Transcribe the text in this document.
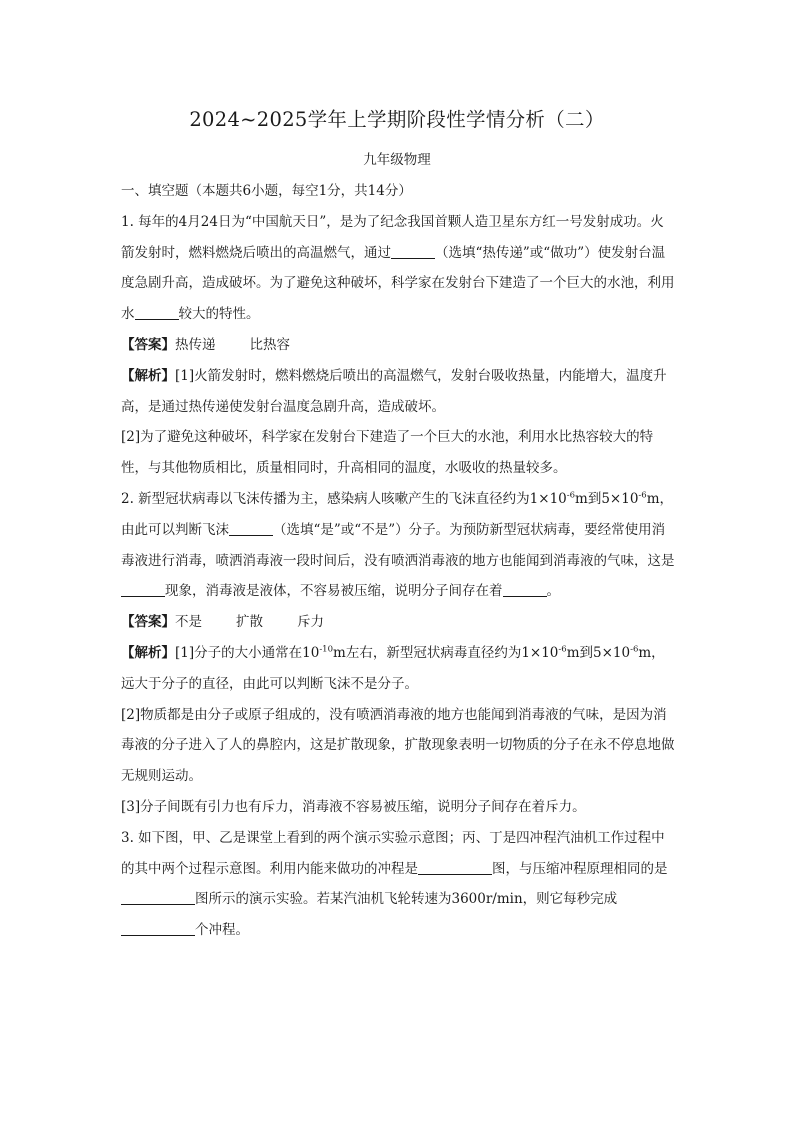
2024~2025学年上学期阶段性学情分析（二）
九年级物理

一、填空题（本题共6小题，每空1分，共14分）

1. 每年的4月24日为“中国航天日”，是为了纪念我国首颗人造卫星东方红一号发射成功。火箭发射时，燃料燃烧后喷出的高温燃气，通过	（选填“热传递”或“做功”）使发射台温度急剧升高，造成破坏。为了避免这种破坏，科学家在发射台下建造了一个巨大的水池，利用水	较大的特性。

【答案】热传递	比热容

【解析】[1]火箭发射时，燃料燃烧后喷出的高温燃气，发射台吸收热量，内能增大，温度升高，是通过热传递使发射台温度急剧升高，造成破坏。

[2]为了避免这种破坏，科学家在发射台下建造了一个巨大的水池，利用水比热容较大的特性，与其他物质相比，质量相同时，升高相同的温度，水吸收的热量较多。

2. 新型冠状病毒以飞沫传播为主，感染病人咳嗽产生的飞沫直径约为$1\times 10^{-6}m$到$5\times 10^{-6}m$，由此可以判断飞沫	（选填“是”或“不是”）分子。为预防新型冠状病毒，要经常使用消毒液进行消毒，喷洒消毒液一段时间后，没有喷洒消毒液的地方也能闻到消毒液的气味，这是现象，消毒液是液体，不容易被压缩，说明分子间存在着	。

【答案】不是	扩散	斥力

【解析】[1]分子的大小通常在$10^{-10}m$左右，新型冠状病毒直径约为$1\times 10^{-6}m$到$5\times 10^{-6}m$，远大于分子的直径，由此可以判断飞沫不是分子。

[2]物质都是由分子或原子组成的，没有喷洒消毒液的地方也能闻到消毒液的气味，是因为消毒液的分子进入了人的鼻腔内，这是扩散现象，扩散现象表明一切物质的分子在永不停息地做无规则运动。

[3]分子间既有引力也有斥力，消毒液不容易被压缩，说明分子间存在着斥力。

3. 如下图，甲、乙是课堂上看到的两个演示实验示意图；丙、丁是四冲程汽油机工作过程中的其中两个过程示意图。利用内能来做功的冲程是	图，与压缩冲程原理相同的是图所示的演示实验。若某汽油机飞轮转速为3600r/min，则它每秒完成个冲程。
